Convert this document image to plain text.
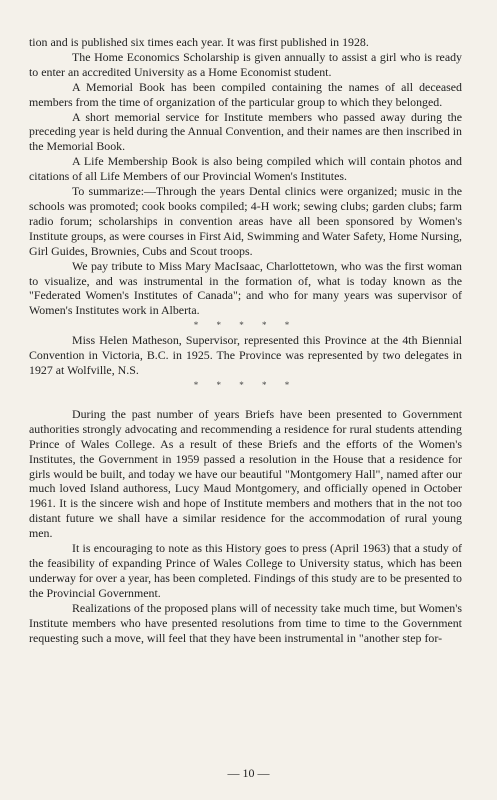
tion and is published six times each year. It was first published in 1928.

The Home Economics Scholarship is given annually to assist a girl who is ready to enter an accredited University as a Home Economist student.

A Memorial Book has been compiled containing the names of all deceased members from the time of organization of the particular group to which they belonged.

A short memorial service for Institute members who passed away during the preceding year is held during the Annual Convention, and their names are then inscribed in the Memorial Book.

A Life Membership Book is also being compiled which will contain photos and citations of all Life Members of our Provincial Women's Institutes.

To summarize:—Through the years Dental clinics were organized; music in the schools was promoted; cook books compiled; 4-H work; sewing clubs; garden clubs; farm radio forum; scholarships in convention areas have all been sponsored by Women's Institute groups, as were courses in First Aid, Swimming and Water Safety, Home Nursing, Girl Guides, Brownies, Cubs and Scout troops.

We pay tribute to Miss Mary MacIsaac, Charlottetown, who was the first woman to visualize, and was instrumental in the formation of, what is today known as the "Federated Women's Institutes of Canada"; and who for many years was supervisor of Women's Institutes work in Alberta.

* * * * *

Miss Helen Matheson, Supervisor, represented this Province at the 4th Biennial Convention in Victoria, B.C. in 1925. The Province was represented by two delegates in 1927 at Wolfville, N.S.

* * * * *

During the past number of years Briefs have been presented to Government authorities strongly advocating and recommending a residence for rural students attending Prince of Wales College. As a result of these Briefs and the efforts of the Women's Institutes, the Government in 1959 passed a resolution in the House that a residence for girls would be built, and today we have our beautiful "Montgomery Hall", named after our much loved Island authoress, Lucy Maud Montgomery, and officially opened in October 1961. It is the sincere wish and hope of Institute members and mothers that in the not too distant future we shall have a similar residence for the accommodation of rural young men.

It is encouraging to note as this History goes to press (April 1963) that a study of the feasibility of expanding Prince of Wales College to University status, which has been underway for over a year, has been completed. Findings of this study are to be presented to the Provincial Government.

Realizations of the proposed plans will of necessity take much time, but Women's Institute members who have presented resolutions from time to time to the Government requesting such a move, will feel that they have been instrumental in "another step for-

— 10 —
